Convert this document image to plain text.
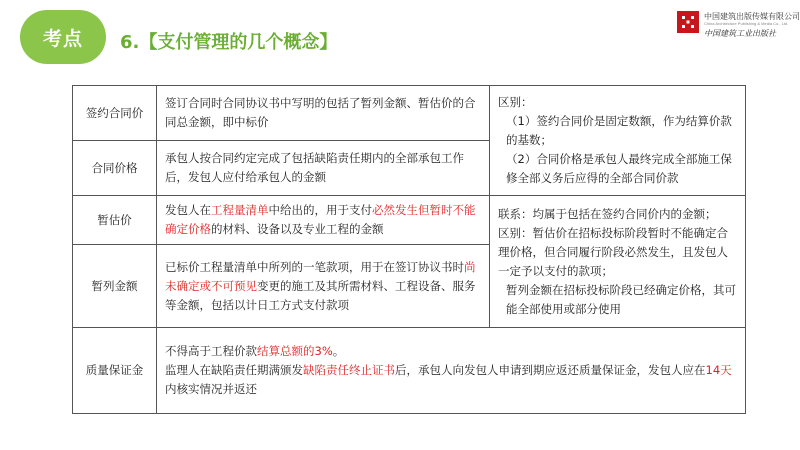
考点	6.【支付管理的几个概念】
中国建筑出版传媒有限公司
China Architecture Publishing & Media Co., Ltd.
中国建筑工业出版社
签约合同价	签订合同时合同协议书中写明的包括了暂列金额、暂估价的合同总金额，即中标价	区别：
（1）签约合同价是固定数额，作为结算价款的基数；
（2）合同价格是承包人最终完成全部施工保修全部义务后应得的全部合同价款

合同价格	承包人按合同约定完成了包括缺陷责任期内的全部承包工作后，发包人应付给承包人的金额	
暂估价	发包人在工程量清单中给出的，用于支付必然发生但暂时不能确定价格的材料、设备以及专业工程的金额	联系：均属于包括在签约合同价内的金额；
区别：暂估价在招标投标阶段暂时不能确定合理价格，但合同履行阶段必然发生，且发包人一定予以支付的款项；
暂列金额在招标投标阶段已经确定价格，其可能全部使用或部分使用

暂列金额	已标价工程量清单中所列的一笔款项，用于在签订协议书时尚未确定或不可预见变更的施工及其所需材料、工程设备、服务等金额，包括以计日工方式支付款项	
质量保证金	不得高于工程价款结算总额的3%。
监理人在缺陷责任期满颁发缺陷责任终止证书后，承包人向发包人申请到期应返还质量保证金，发包人应在14天内核实情况并返还	
